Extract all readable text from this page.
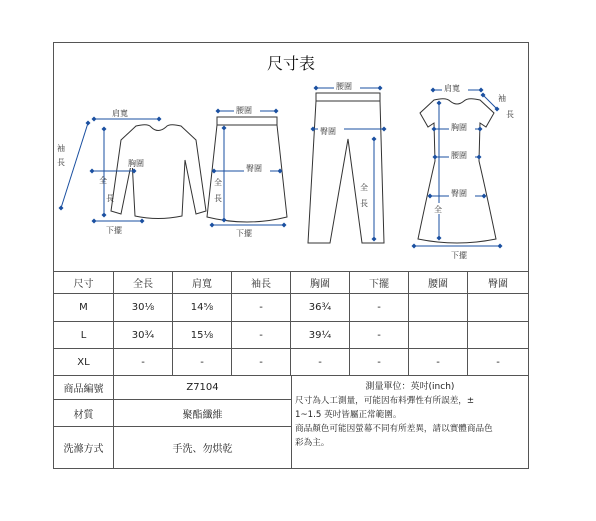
尺寸表
肩寬
袖
長	胸圍
全
長
下擺
腰圍
臀圍
全
長
下擺
腰圍
臀圍
全
長
肩寬
袖
長
胸圍
腰圍
臀圍
全
下擺
尺寸	全長	肩寬	袖長	胸圍	下擺	腰圍	臀圍
M	30⅛	14⅝	-	36¾	-
L	30¾	15⅛	-	39¼	-
XL	-	-	-	-	-	-	-
商品編號	Z7104
材質	聚酯纖維
洗滌方式	手洗、勿烘乾
測量單位：英吋(inch)
尺寸為人工測量，可能因布料彈性有所誤差，±
1~1.5 英吋皆屬正常範圍。
商品顏色可能因螢幕不同有所差異，請以實體商品色
彩為主。
